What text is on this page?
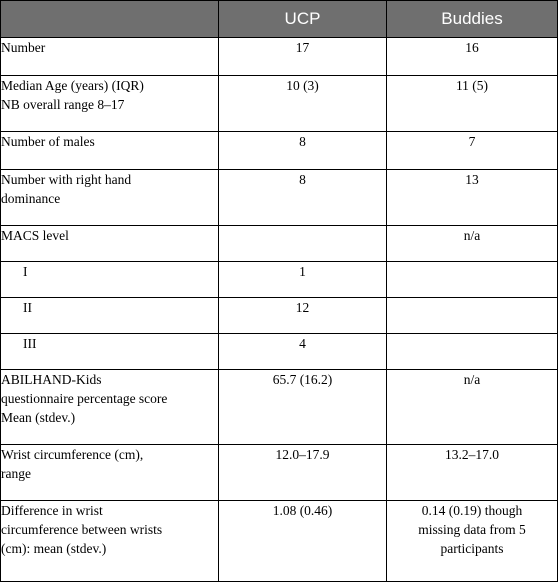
	UCP	Buddies

Number	17	16

Median Age (years) (IQR)
NB overall range 8–17	10 (3)	11 (5)

Number of males	8	7

Number with right hand
dominance	8	13

MACS level		n/a

I	1	

II	12	

III	4	

ABILHAND-Kids
questionnaire percentage score
Mean (stdev.)	65.7 (16.2)	n/a

Wrist circumference (cm),
range	12.0–17.9	13.2–17.0

Difference in wrist
circumference between wrists
(cm): mean (stdev.)	1.08 (0.46)	0.14 (0.19) though
missing data from 5
participants
